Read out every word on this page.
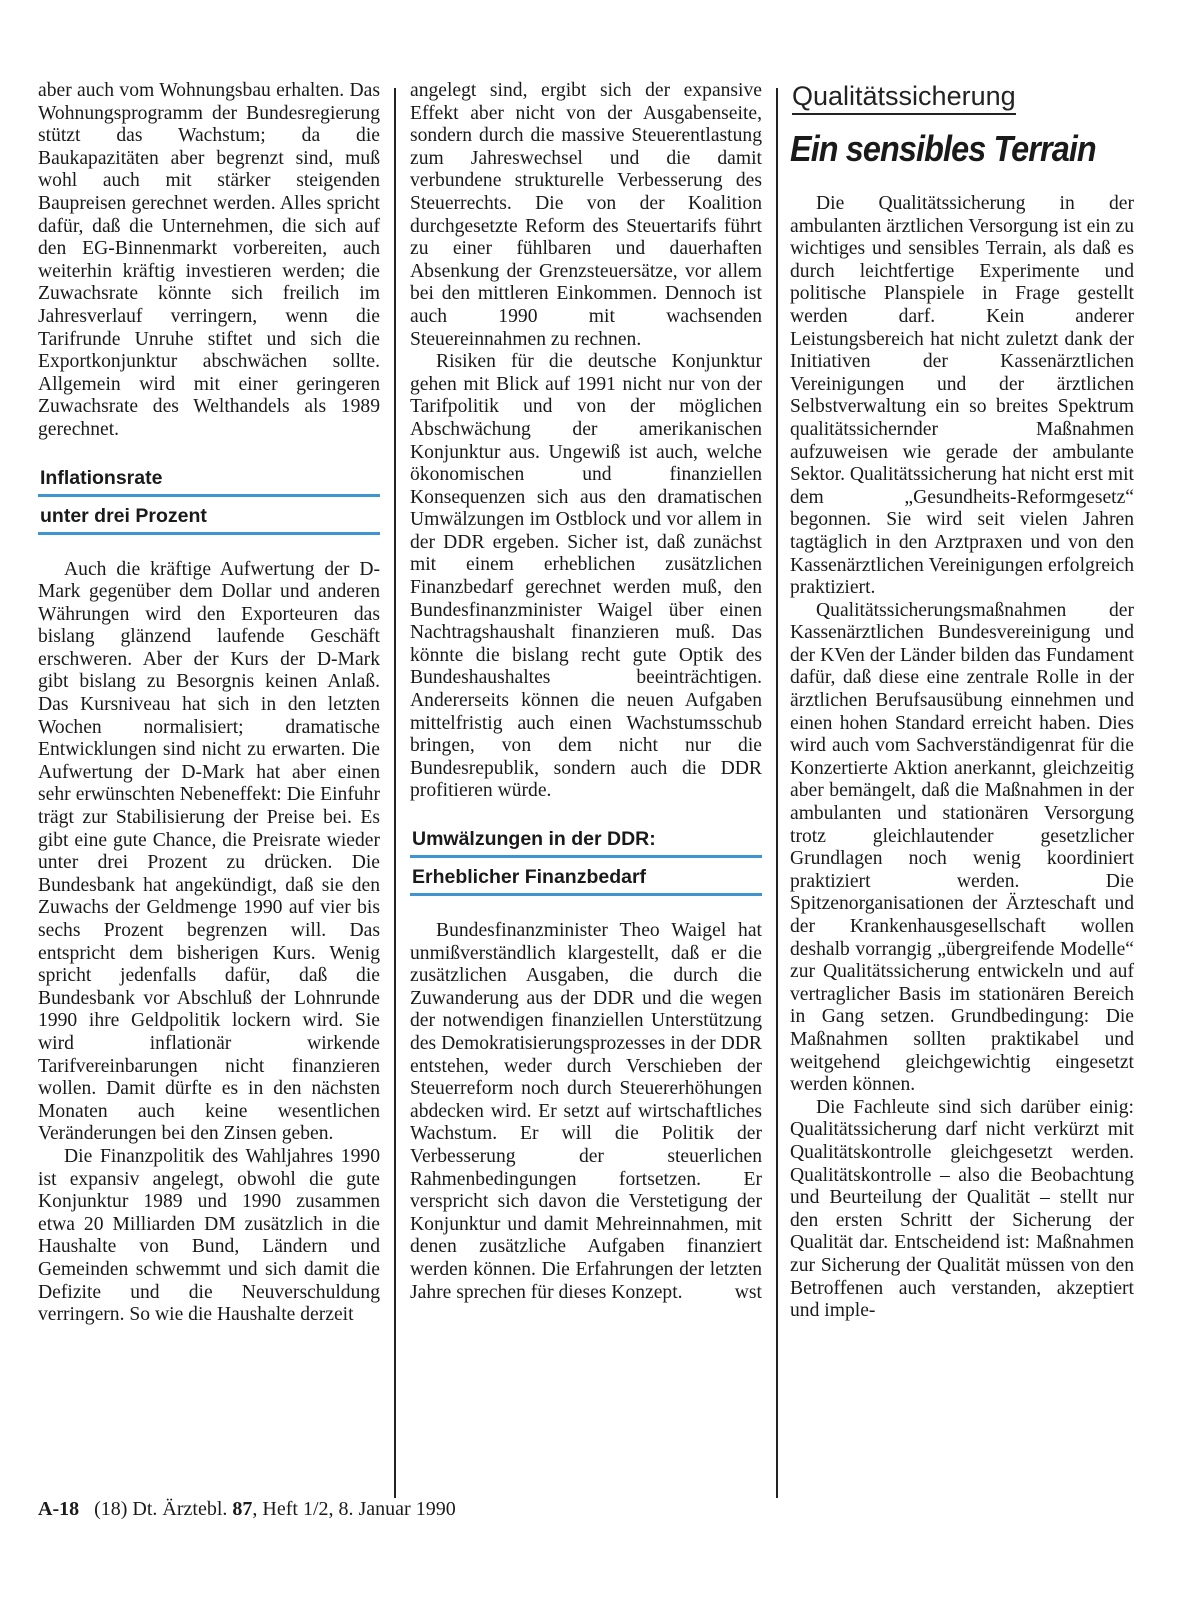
aber auch vom Wohnungsbau erhalten. Das Wohnungsprogramm der Bundesregierung stützt das Wachstum; da die Baukapazitäten aber begrenzt sind, muß wohl auch mit stärker steigenden Baupreisen gerechnet werden. Alles spricht dafür, daß die Unternehmen, die sich auf den EG-Binnenmarkt vorbereiten, auch weiterhin kräftig investieren werden; die Zuwachsrate könnte sich freilich im Jahresverlauf verringern, wenn die Tarifrunde Unruhe stiftet und sich die Exportkonjunktur abschwächen sollte. Allgemein wird mit einer geringeren Zuwachsrate des Welthandels als 1989 gerechnet.

Inflationsrate
unter drei Prozent

Auch die kräftige Aufwertung der D-Mark gegenüber dem Dollar und anderen Währungen wird den Exporteuren das bislang glänzend laufende Geschäft erschweren. Aber der Kurs der D-Mark gibt bislang zu Besorgnis keinen Anlaß. Das Kursniveau hat sich in den letzten Wochen normalisiert; dramatische Entwicklungen sind nicht zu erwarten. Die Aufwertung der D-Mark hat aber einen sehr erwünschten Nebeneffekt: Die Einfuhr trägt zur Stabilisierung der Preise bei. Es gibt eine gute Chance, die Preisrate wieder unter drei Prozent zu drücken. Die Bundesbank hat angekündigt, daß sie den Zuwachs der Geldmenge 1990 auf vier bis sechs Prozent begrenzen will. Das entspricht dem bisherigen Kurs. Wenig spricht jedenfalls dafür, daß die Bundesbank vor Abschluß der Lohnrunde 1990 ihre Geldpolitik lockern wird. Sie wird inflationär wirkende Tarifvereinbarungen nicht finanzieren wollen. Damit dürfte es in den nächsten Monaten auch keine wesentlichen Veränderungen bei den Zinsen geben.

Die Finanzpolitik des Wahljahres 1990 ist expansiv angelegt, obwohl die gute Konjunktur 1989 und 1990 zusammen etwa 20 Milliarden DM zusätzlich in die Haushalte von Bund, Ländern und Gemeinden schwemmt und sich damit die Defizite und die Neuverschuldung verringern. So wie die Haushalte derzeit

angelegt sind, ergibt sich der expansive Effekt aber nicht von der Ausgabenseite, sondern durch die massive Steuerentlastung zum Jahreswechsel und die damit verbundene strukturelle Verbesserung des Steuerrechts. Die von der Koalition durchgesetzte Reform des Steuertarifs führt zu einer fühlbaren und dauerhaften Absenkung der Grenzsteuersätze, vor allem bei den mittleren Einkommen. Dennoch ist auch 1990 mit wachsenden Steuereinnahmen zu rechnen.

Risiken für die deutsche Konjunktur gehen mit Blick auf 1991 nicht nur von der Tarifpolitik und von der möglichen Abschwächung der amerikanischen Konjunktur aus. Ungewiß ist auch, welche ökonomischen und finanziellen Konsequenzen sich aus den dramatischen Umwälzungen im Ostblock und vor allem in der DDR ergeben. Sicher ist, daß zunächst mit einem erheblichen zusätzlichen Finanzbedarf gerechnet werden muß, den Bundesfinanzminister Waigel über einen Nachtragshaushalt finanzieren muß. Das könnte die bislang recht gute Optik des Bundeshaushaltes beeinträchtigen. Andererseits können die neuen Aufgaben mittelfristig auch einen Wachstumsschub bringen, von dem nicht nur die Bundesrepublik, sondern auch die DDR profitieren würde.

Umwälzungen in der DDR:
Erheblicher Finanzbedarf

Bundesfinanzminister Theo Waigel hat unmißverständlich klargestellt, daß er die zusätzlichen Ausgaben, die durch die Zuwanderung aus der DDR und die wegen der notwendigen finanziellen Unterstützung des Demokratisierungsprozesses in der DDR entstehen, weder durch Verschieben der Steuerreform noch durch Steuererhöhungen abdecken wird. Er setzt auf wirtschaftliches Wachstum. Er will die Politik der Verbesserung der steuerlichen Rahmenbedingungen fortsetzen. Er verspricht sich davon die Verstetigung der Konjunktur und damit Mehreinnahmen, mit denen zusätzliche Aufgaben finanziert werden können. Die Erfahrungen der letzten Jahre sprechen für dieses Konzept.	wst

Qualitätssicherung
Ein sensibles Terrain

Die Qualitätssicherung in der ambulanten ärztlichen Versorgung ist ein zu wichtiges und sensibles Terrain, als daß es durch leichtfertige Experimente und politische Planspiele in Frage gestellt werden darf. Kein anderer Leistungsbereich hat nicht zuletzt dank der Initiativen der Kassenärztlichen Vereinigungen und der ärztlichen Selbstverwaltung ein so breites Spektrum qualitätssichernder Maßnahmen aufzuweisen wie gerade der ambulante Sektor. Qualitätssicherung hat nicht erst mit dem „Gesundheits-Reformgesetz“ begonnen. Sie wird seit vielen Jahren tagtäglich in den Arztpraxen und von den Kassenärztlichen Vereinigungen erfolgreich praktiziert.

Qualitätssicherungsmaßnahmen der Kassenärztlichen Bundesvereinigung und der KVen der Länder bilden das Fundament dafür, daß diese eine zentrale Rolle in der ärztlichen Berufsausübung einnehmen und einen hohen Standard erreicht haben. Dies wird auch vom Sachverständigenrat für die Konzertierte Aktion anerkannt, gleichzeitig aber bemängelt, daß die Maßnahmen in der ambulanten und stationären Versorgung trotz gleichlautender gesetzlicher Grundlagen noch wenig koordiniert praktiziert werden. Die Spitzenorganisationen der Ärzteschaft und der Krankenhausgesellschaft wollen deshalb vorrangig „übergreifende Modelle“ zur Qualitätssicherung entwickeln und auf vertraglicher Basis im stationären Bereich in Gang setzen. Grundbedingung: Die Maßnahmen sollten praktikabel und weitgehend gleichgewichtig eingesetzt werden können.

Die Fachleute sind sich darüber einig: Qualitätssicherung darf nicht verkürzt mit Qualitätskontrolle gleichgesetzt werden. Qualitätskontrolle – also die Beobachtung und Beurteilung der Qualität – stellt nur den ersten Schritt der Sicherung der Qualität dar. Entscheidend ist: Maßnahmen zur Sicherung der Qualität müssen von den Betroffenen auch verstanden, akzeptiert und imple-

A-18 (18) Dt. Ärztebl. 87, Heft 1/2, 8. Januar 1990
